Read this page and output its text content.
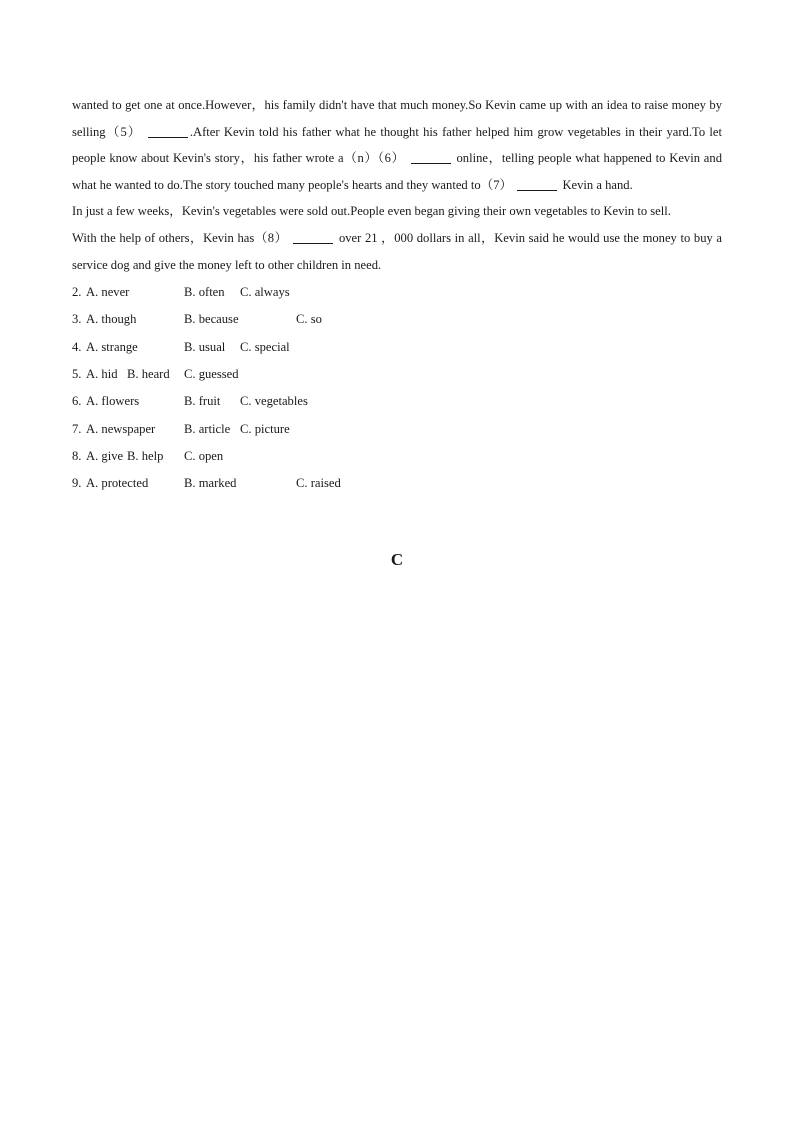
wanted to get one at once.However，his family didn't have that much money.So Kevin came up with an idea to raise money by selling（5）	.After Kevin told his father what he thought his father helped him grow vegetables in their yard.To let people know about Kevin's story，his father wrote a（n）（6）	online，telling people what happened to Kevin and what he wanted to do.The story touched many people's hearts and they wanted to（7）	Kevin a hand.

In just a few weeks，Kevin's vegetables were sold out.People even began giving their own vegetables to Kevin to sell.

With the help of others，Kevin has（8）	over 21 ，000 dollars in all，Kevin said he would use the money to buy a service dog and give the money left to other children in need.

2. A. never	B. often C. always
3. A. though	B. because	C. so
4. A. strange	B. usual C. special
5. A. hid B. heard C. guessed
6. A. flowers	B. fruit C. vegetables
7. A. newspaper B. article C. picture
8. A. give B. help C. open
9. A. protected	B. marked	C. raised
C
